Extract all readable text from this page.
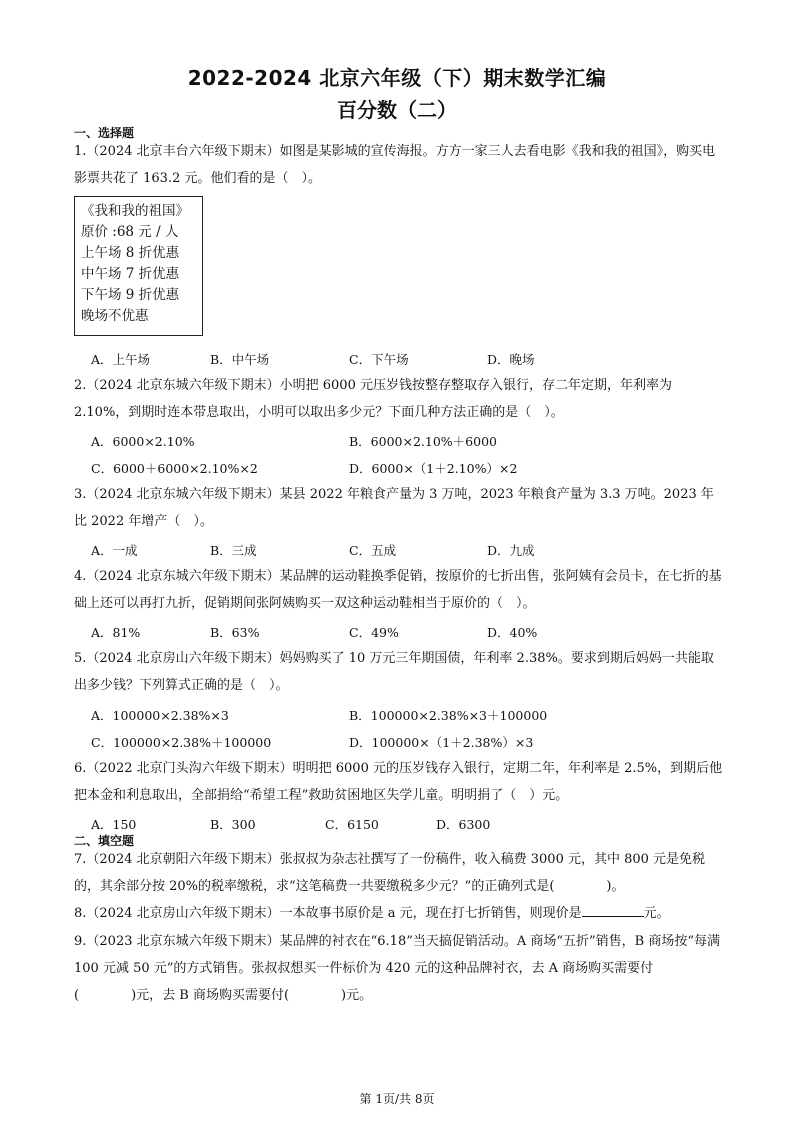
2022-2024 北京六年级（下）期末数学汇编
百分数（二）
一、选择题
1.（2024 北京丰台六年级下期末）如图是某影城的宣传海报。方方一家三人去看电影《我和我的祖国》，购买电影票共花了 163.2 元。他们看的是（　）。
《我和我的祖国》
原价 :68 元 / 人
上午场 8 折优惠
中午场 7 折优惠
下午场 9 折优惠
晚场不优惠
A．上午场	B．中午场	C．下午场	D．晚场
2.（2024 北京东城六年级下期末）小明把 6000 元压岁钱按整存整取存入银行，存二年定期，年利率为 2.10%，到期时连本带息取出，小明可以取出多少元？下面几种方法正确的是（　）。
A．6000×2.10%	B．6000×2.10%＋6000
C．6000＋6000×2.10%×2	D．6000×（1＋2.10%）×2
3.（2024 北京东城六年级下期末）某县 2022 年粮食产量为 3 万吨，2023 年粮食产量为 3.3 万吨。2023 年比 2022 年增产（　）。
A．一成	B．三成	C．五成	D．九成
4.（2024 北京东城六年级下期末）某品牌的运动鞋换季促销，按原价的七折出售，张阿姨有会员卡，在七折的基础上还可以再打九折，促销期间张阿姨购买一双这种运动鞋相当于原价的（　）。
A．81%	B．63%	C．49%	D．40%
5.（2024 北京房山六年级下期末）妈妈购买了 10 万元三年期国债，年利率 2.38%。要求到期后妈妈一共能取出多少钱？下列算式正确的是（　）。
A．100000×2.38%×3	B．100000×2.38%×3＋100000
C．100000×2.38%＋100000	D．100000×（1＋2.38%）×3
6.（2022 北京门头沟六年级下期末）明明把 6000 元的压岁钱存入银行，定期二年，年利率是 2.5%，到期后他把本金和利息取出，全部捐给“希望工程”救助贫困地区失学儿童。明明捐了（　）元。
A．150	B．300	C．6150	D．6300
二、填空题
7.（2024 北京朝阳六年级下期末）张叔叔为杂志社撰写了一份稿件，收入稿费 3000 元，其中 800 元是免税的，其余部分按 20%的税率缴税，求“这笔稿费一共要缴税多少元？”的正确列式是(	)。
8.（2024 北京房山六年级下期末）一本故事书原价是 a 元，现在打七折销售，则现价是	元。
9.（2023 北京东城六年级下期末）某品牌的衬衣在“6.18”当天搞促销活动。A 商场“五折”销售，B 商场按“每满 100 元减 50 元”的方式销售。张叔叔想买一件标价为 420 元的这种品牌衬衣，去 A 商场购买需要付
(	)元，去 B 商场购买需要付(	)元。
第 1页/共 8页
